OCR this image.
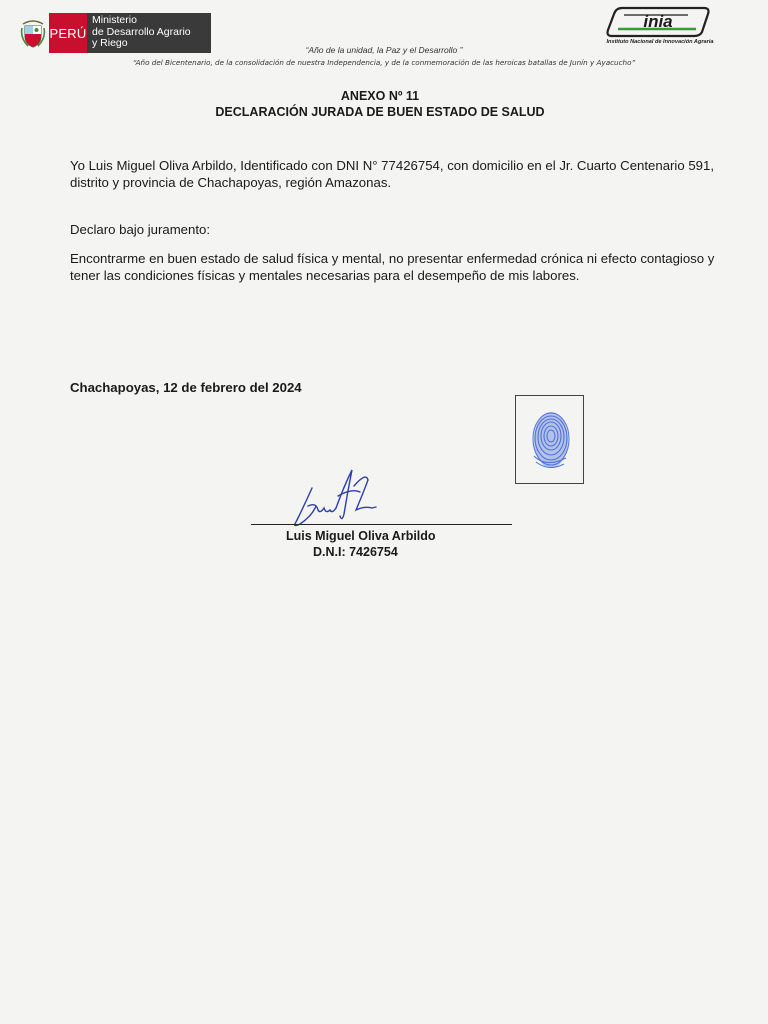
PERÚ
Ministerio
de Desarrollo Agrario
y Riego
inia
Instituto Nacional de Innovación Agraria
“Año de la unidad, la Paz y el Desarrollo ”
“Año del Bicentenario, de la consolidación de nuestra Independencia, y de la conmemoración de las heroicas batallas de Junín y Ayacucho”
ANEXO Nº 11
DECLARACIÓN JURADA DE BUEN ESTADO DE SALUD
Yo Luis Miguel Oliva Arbildo, Identificado con DNI N° 77426754, con domicilio en el Jr. Cuarto Centenario 591, distrito y provincia de Chachapoyas, región Amazonas.
Declaro bajo juramento:
Encontrarme en buen estado de salud física y mental, no presentar enfermedad crónica ni efecto contagioso y tener las condiciones físicas y mentales necesarias para el desempeño de mis labores.
Chachapoyas, 12 de febrero del 2024
Luis Miguel Oliva Arbildo
D.N.I: 7426754
